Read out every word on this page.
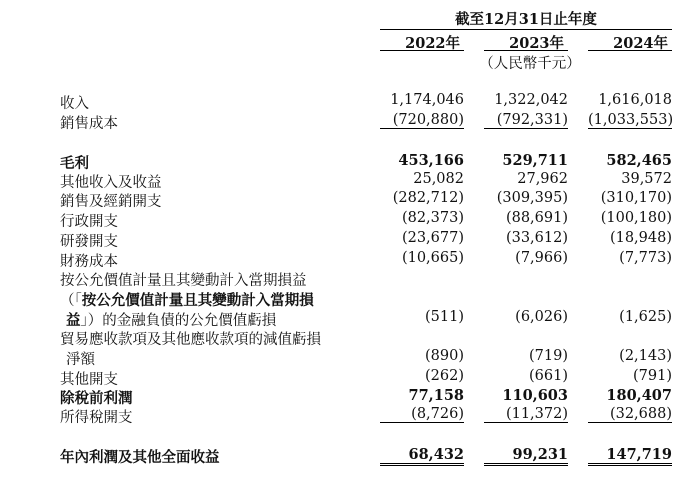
截至12月31日止年度
2022年	2023年	2024年
（人民幣千元）
收入	1,174,046	1,322,042	1,616,018
銷售成本	(720,880)	(792,331) (1,033,553)
毛利	453,166	529,711	582,465
其他收入及收益	25,082	27,962	39,572
銷售及經銷開支	(282,712)	(309,395)	(310,170)
行政開支	(82,373)	(88,691)	(100,180)
研發開支	(23,677)	(33,612)	(18,948)
財務成本	(10,665)	(7,966)	(7,773)
按公允價值計量且其變動計入當期損益
（「按公允價值計量且其變動計入當期損
益」）的金融負債的公允價值虧損	(511)	(6,026)	(1,625)
貿易應收款項及其他應收款項的減值虧損
淨額	(890)	(719)	(2,143)
其他開支	(262)	(661)	(791)
除稅前利潤	77,158	110,603	180,407
所得稅開支	(8,726)	(11,372)	(32,688)
年內利潤及其他全面收益	68,432	99,231	147,719
